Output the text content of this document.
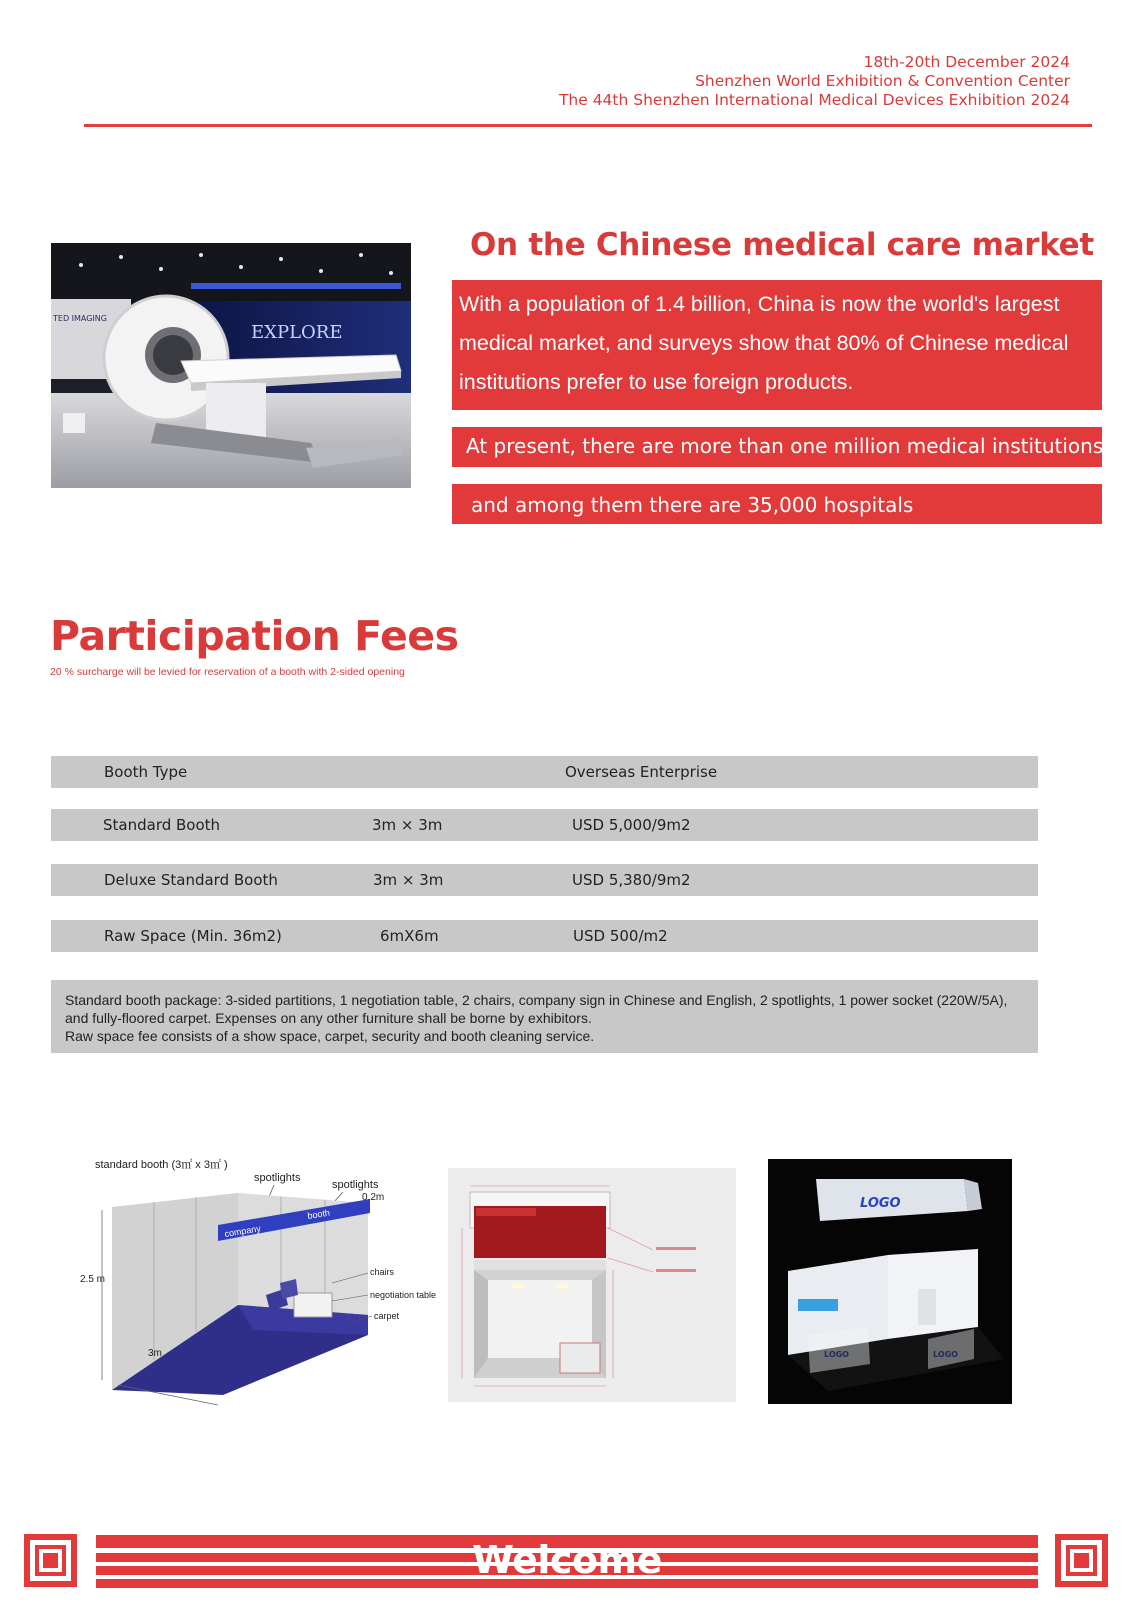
18th-20th December 2024
Shenzhen World Exhibition & Convention Center
The 44th Shenzhen International Medical Devices Exhibition 2024
EXPLORE
TED IMAGING
On the Chinese medical care market
With a population of 1.4 billion, China is now the world's largest medical market, and surveys show that 80% of Chinese medical institutions prefer to use foreign products.
At present, there are more than one million medical institutions
and among them there are 35,000 hospitals
Participation Fees
20 % surcharge will be levied for reservation of a booth with 2-sided opening
Booth Type	Overseas Enterprise
Standard Booth	3m × 3m	USD 5,000/9m2
Deluxe Standard Booth	3m × 3m	USD 5,380/9m2
Raw Space (Min. 36m2)	6mX6m	USD 500/m2
Standard booth package: 3-sided partitions, 1 negotiation table, 2 chairs, company sign in Chinese and English, 2 spotlights, 1 power socket (220W/5A), and fully-floored carpet. Expenses on any other furniture shall be borne by exhibitors.
Raw space fee consists of a show space, carpet, security and booth cleaning service.
standard booth (3㎡ x 3㎡ )
spotlights
spotlights
company
booth
0.2m
chairs
negotiation table
carpet
2.5 m
3m
LOGO
Welcome
